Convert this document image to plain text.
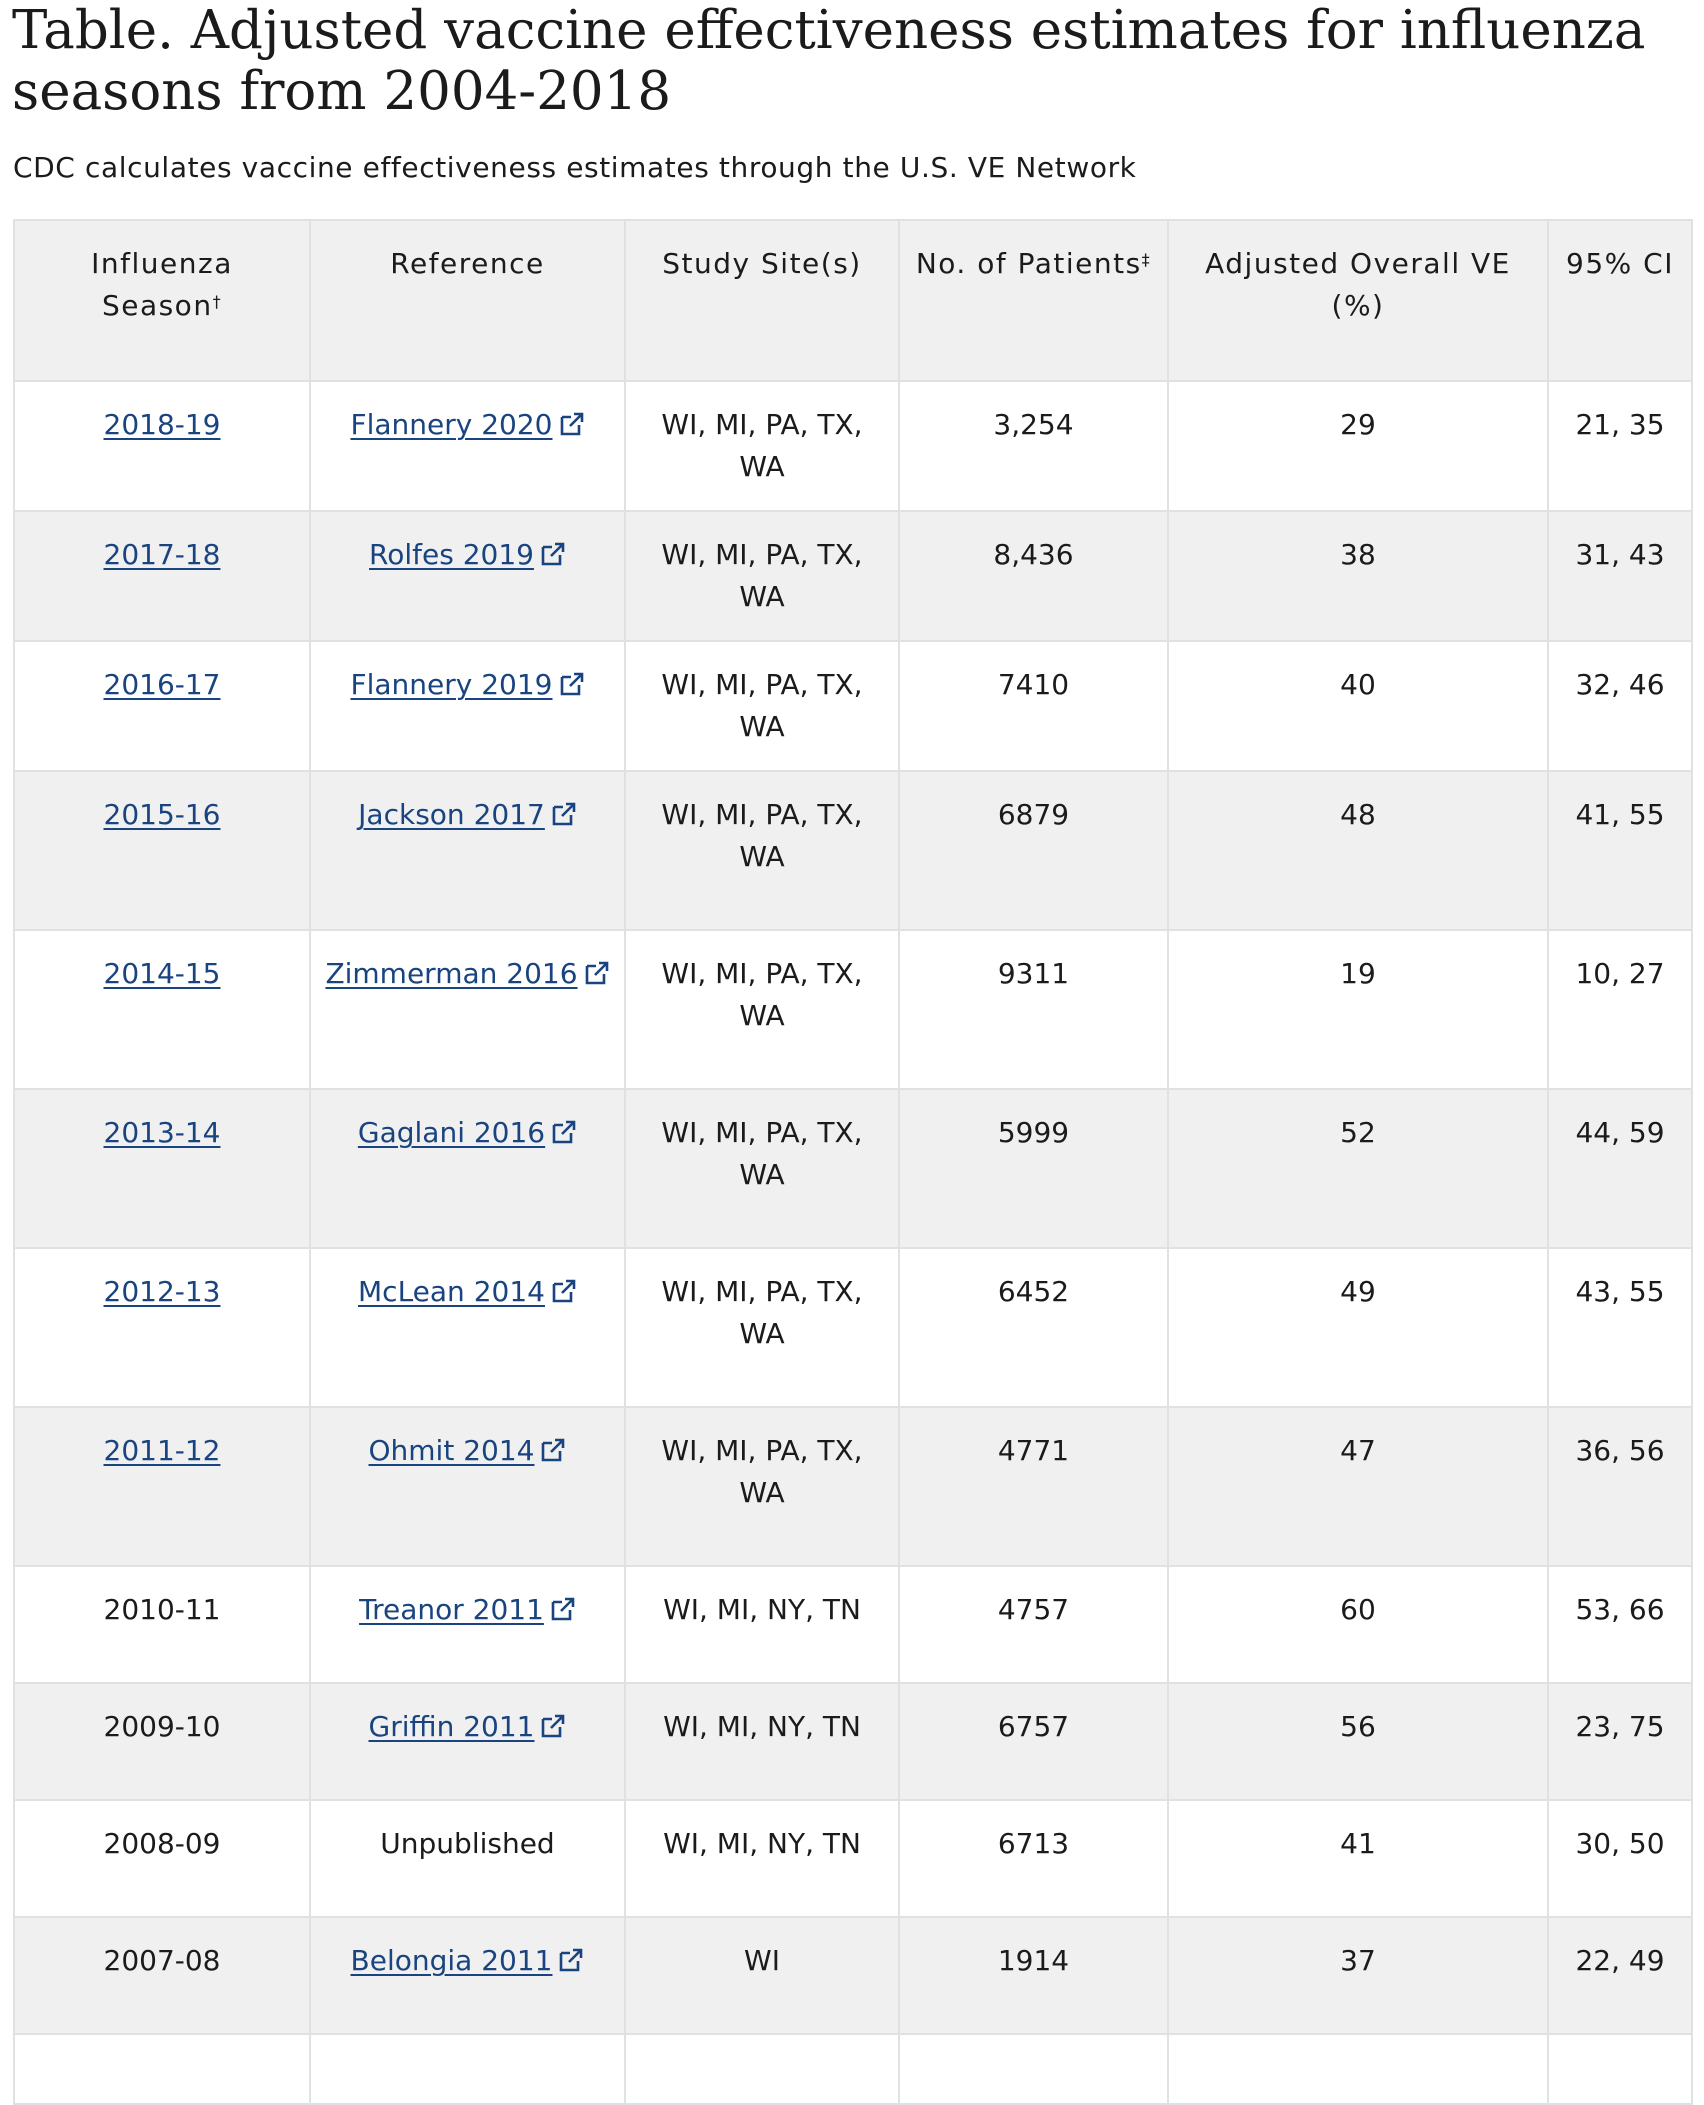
Table. Adjusted vaccine effectiveness estimates for influenza seasons from 2004-2018

CDC calculates vaccine effectiveness estimates through the U.S. VE Network

Influenza Season†	Reference	Study Site(s)	No. of Patients‡	Adjusted Overall VE (%)	95% CI
2018-19	Flannery 2020	WI, MI, PA, TX, WA	3,254	29	21, 35
2017-18	Rolfes 2019	WI, MI, PA, TX, WA	8,436	38	31, 43
2016-17	Flannery 2019	WI, MI, PA, TX, WA	7410	40	32, 46
2015-16	Jackson 2017	WI, MI, PA, TX, WA	6879	48	41, 55
2014-15	Zimmerman 2016	WI, MI, PA, TX, WA	9311	19	10, 27
2013-14	Gaglani 2016	WI, MI, PA, TX, WA	5999	52	44, 59
2012-13	McLean 2014	WI, MI, PA, TX, WA	6452	49	43, 55
2011-12	Ohmit 2014	WI, MI, PA, TX, WA	4771	47	36, 56
2010-11	Treanor 2011	WI, MI, NY, TN	4757	60	53, 66
2009-10	Griffin 2011	WI, MI, NY, TN	6757	56	23, 75
2008-09	Unpublished	WI, MI, NY, TN	6713	41	30, 50
2007-08	Belongia 2011	WI	1914	37	22, 49
